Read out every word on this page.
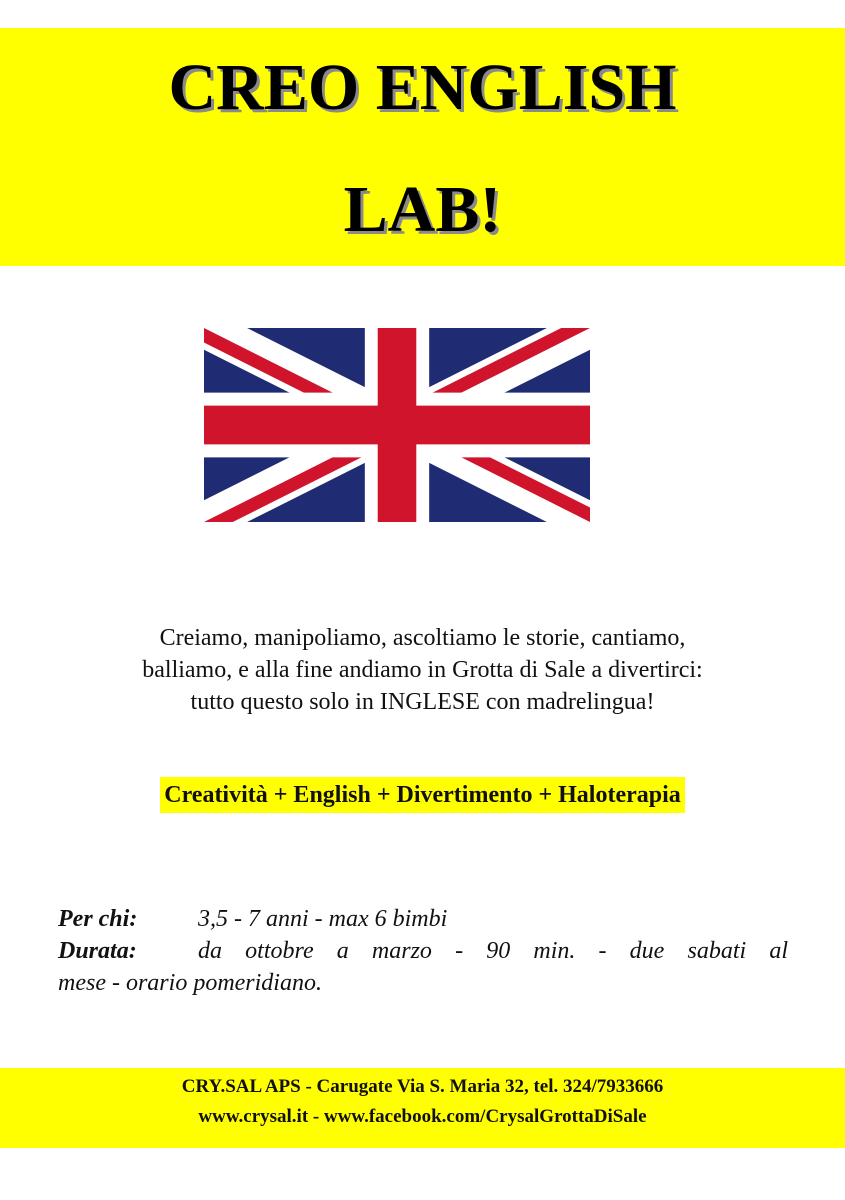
CREO ENGLISH
LAB!
Creiamo, manipoliamo, ascoltiamo le storie, cantiamo,
balliamo, e alla fine andiamo in Grotta di Sale a divertirci:
tutto questo solo in INGLESE con madrelingua!
Creatività + English + Divertimento + Haloterapia
Per chi:	3,5 - 7 anni - max 6 bimbi
Durata:	da ottobre a marzo - 90 min. - due sabati al
mese - orario pomeridiano.
CRY.SAL APS - Carugate Via S. Maria 32, tel. 324/7933666
www.crysal.it - www.facebook.com/CrysalGrottaDiSale
